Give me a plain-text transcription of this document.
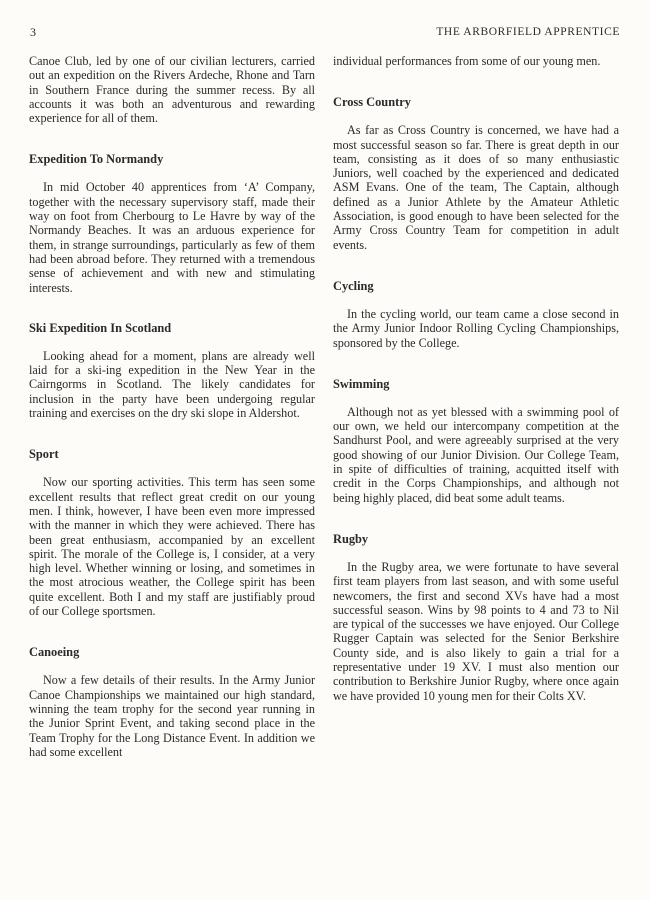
3	THE ARBORFIELD APPRENTICE

Canoe Club, led by one of our civilian lecturers, carried out an expedition on the Rivers Ardeche, Rhone and Tarn in Southern France during the summer recess. By all accounts it was both an adventurous and rewarding experience for all of them.

Expedition To Normandy

In mid October 40 apprentices from ‘A’ Company, together with the necessary supervisory staff, made their way on foot from Cherbourg to Le Havre by way of the Normandy Beaches. It was an arduous experience for them, in strange surroundings, particularly as few of them had been abroad before. They returned with a tremendous sense of achievement and with new and stimulating interests.

Ski Expedition In Scotland

Looking ahead for a moment, plans are already well laid for a ski-ing expedition in the New Year in the Cairngorms in Scotland. The likely candidates for inclusion in the party have been undergoing regular training and exercises on the dry ski slope in Aldershot.

Sport

Now our sporting activities. This term has seen some excellent results that reflect great credit on our young men. I think, however, I have been even more impressed with the manner in which they were achieved. There has been great enthusiasm, accompanied by an excellent spirit. The morale of the College is, I consider, at a very high level. Whether winning or losing, and sometimes in the most atrocious weather, the College spirit has been quite excellent. Both I and my staff are justifiably proud of our College sportsmen.

Canoeing

Now a few details of their results. In the Army Junior Canoe Championships we maintained our high standard, winning the team trophy for the second year running in the Junior Sprint Event, and taking second place in the Team Trophy for the Long Distance Event. In addition we had some excellent

individual performances from some of our young men.

Cross Country

As far as Cross Country is concerned, we have had a most successful season so far. There is great depth in our team, consisting as it does of so many enthusiastic Juniors, well coached by the experienced and dedicated ASM Evans. One of the team, The Captain, although defined as a Junior Athlete by the Amateur Athletic Association, is good enough to have been selected for the Army Cross Country Team for competition in adult events.

Cycling

In the cycling world, our team came a close second in the Army Junior Indoor Rolling Cycling Championships, sponsored by the College.

Swimming

Although not as yet blessed with a swimming pool of our own, we held our intercompany competition at the Sandhurst Pool, and were agreeably surprised at the very good showing of our Junior Division. Our College Team, in spite of difficulties of training, acquitted itself with credit in the Corps Championships, and although not being highly placed, did beat some adult teams.

Rugby

In the Rugby area, we were fortunate to have several first team players from last season, and with some useful newcomers, the first and second XVs have had a most successful season. Wins by 98 points to 4 and 73 to Nil are typical of the successes we have enjoyed. Our College Rugger Captain was selected for the Senior Berkshire County side, and is also likely to gain a trial for a representative under 19 XV. I must also mention our contribution to Berkshire Junior Rugby, where once again we have provided 10 young men for their Colts XV.
